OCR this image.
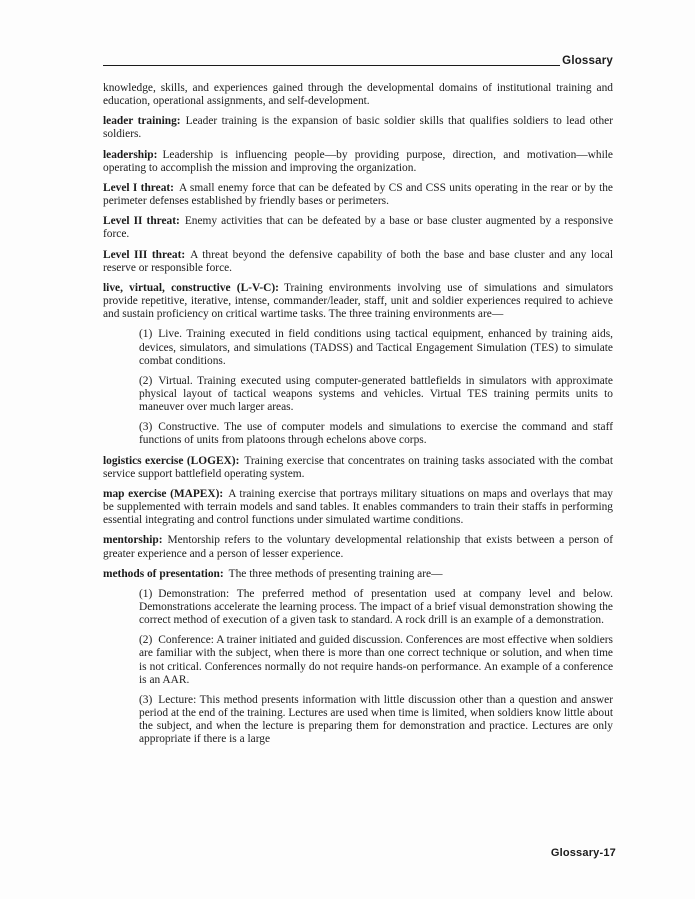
Glossary

knowledge, skills, and experiences gained through the developmental domains of institutional training and education, operational assignments, and self-development.

leader training: Leader training is the expansion of basic soldier skills that qualifies soldiers to lead other soldiers.

leadership: Leadership is influencing people—by providing purpose, direction, and motivation—while operating to accomplish the mission and improving the organization.

Level I threat: A small enemy force that can be defeated by CS and CSS units operating in the rear or by the perimeter defenses established by friendly bases or perimeters.

Level II threat: Enemy activities that can be defeated by a base or base cluster augmented by a responsive force.

Level III threat: A threat beyond the defensive capability of both the base and base cluster and any local reserve or responsible force.

live, virtual, constructive (L-V-C): Training environments involving use of simulations and simulators provide repetitive, iterative, intense, commander/leader, staff, unit and soldier experiences required to achieve and sustain proficiency on critical wartime tasks. The three training environments are—

(1) Live. Training executed in field conditions using tactical equipment, enhanced by training aids, devices, simulators, and simulations (TADSS) and Tactical Engagement Simulation (TES) to simulate combat conditions.

(2) Virtual. Training executed using computer-generated battlefields in simulators with approximate physical layout of tactical weapons systems and vehicles. Virtual TES training permits units to maneuver over much larger areas.

(3) Constructive. The use of computer models and simulations to exercise the command and staff functions of units from platoons through echelons above corps.

logistics exercise (LOGEX): Training exercise that concentrates on training tasks associated with the combat service support battlefield operating system.

map exercise (MAPEX): A training exercise that portrays military situations on maps and overlays that may be supplemented with terrain models and sand tables. It enables commanders to train their staffs in performing essential integrating and control functions under simulated wartime conditions.

mentorship: Mentorship refers to the voluntary developmental relationship that exists between a person of greater experience and a person of lesser experience.

methods of presentation: The three methods of presenting training are—

(1) Demonstration: The preferred method of presentation used at company level and below. Demonstrations accelerate the learning process. The impact of a brief visual demonstration showing the correct method of execution of a given task to standard. A rock drill is an example of a demonstration.

(2) Conference: A trainer initiated and guided discussion. Conferences are most effective when soldiers are familiar with the subject, when there is more than one correct technique or solution, and when time is not critical. Conferences normally do not require hands-on performance. An example of a conference is an AAR.

(3) Lecture: This method presents information with little discussion other than a question and answer period at the end of the training. Lectures are used when time is limited, when soldiers know little about the subject, and when the lecture is preparing them for demonstration and practice. Lectures are only appropriate if there is a large

Glossary-17
